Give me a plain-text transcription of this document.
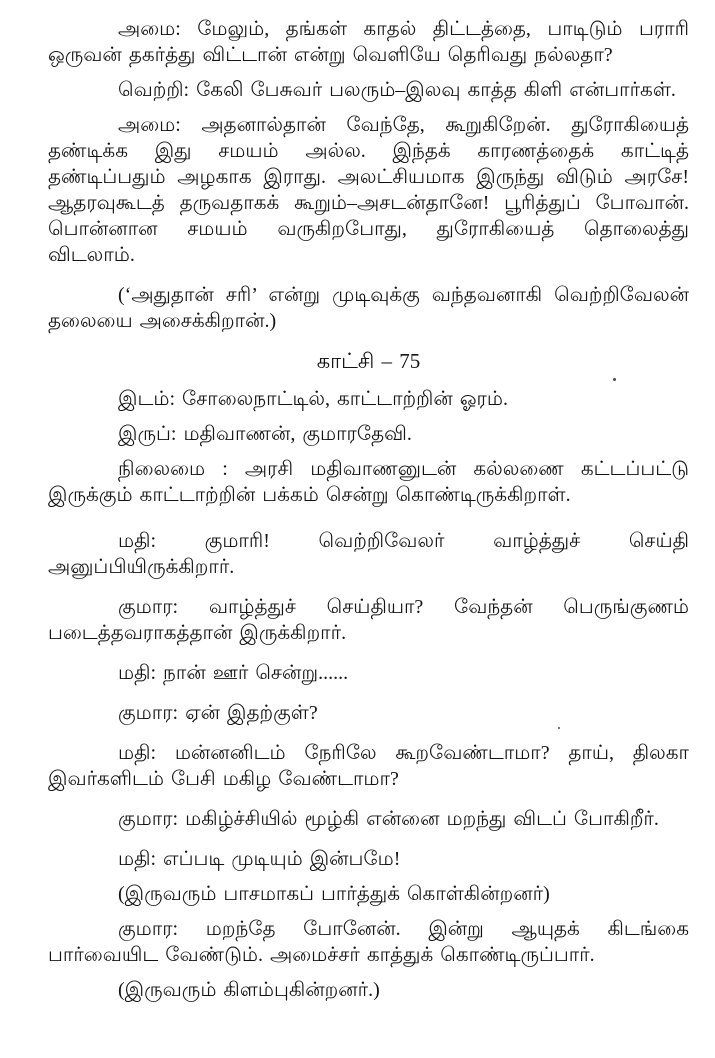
அமை: மேலும், தங்கள் காதல் திட்டத்தை, பாடிடும் பராரி ஒருவன் தகர்த்து விட்டான் என்று வெளியே தெரிவது நல்லதா?

வெற்றி: கேலி பேசுவர் பலரும்–இலவு காத்த கிளி என்பார்கள்.

அமை: அதனால்தான் வேந்தே, கூறுகிறேன். துரோகியைத் தண்டிக்க இது சமயம் அல்ல. இந்தக் காரணத்தைக் காட்டித் தண்டிப்பதும் அழகாக இராது. அலட்சியமாக இருந்து விடும் அரசே! ஆதரவுகூடத் தருவதாகக் கூறும்–அசடன்தானே! பூரித்துப் போவான். பொன்னான சமயம் வருகிறபோது, துரோகியைத் தொலைத்து விடலாம்.

(‘அதுதான் சரி’ என்று முடிவுக்கு வந்தவனாகி வெற்றிவேலன் தலையை அசைக்கிறான்.)

காட்சி – 75

இடம்: சோலைநாட்டில், காட்டாற்றின் ஓரம்.

இருப்: மதிவாணன், குமாரதேவி.

நிலைமை : அரசி மதிவாணனுடன் கல்லணை கட்டப்பட்டு இருக்கும் காட்டாற்றின் பக்கம் சென்று கொண்டிருக்கிறாள்.

மதி: குமாரி! வெற்றிவேலர் வாழ்த்துச் செய்தி அனுப்பியிருக்கிறார்.

குமார: வாழ்த்துச் செய்தியா? வேந்தன் பெருங்குணம் படைத்தவராகத்தான் இருக்கிறார்.

மதி: நான் ஊர் சென்று......

குமார: ஏன் இதற்குள்?

மதி: மன்னனிடம் நேரிலே கூறவேண்டாமா? தாய், திலகா இவர்களிடம் பேசி மகிழ வேண்டாமா?

குமார: மகிழ்ச்சியில் மூழ்கி என்னை மறந்து விடப் போகிறீர்.

மதி: எப்படி முடியும் இன்பமே!

(இருவரும் பாசமாகப் பார்த்துக் கொள்கின்றனர்)

குமார: மறந்தே போனேன். இன்று ஆயுதக் கிடங்கை பார்வையிட வேண்டும். அமைச்சர் காத்துக் கொண்டிருப்பார்.

(இருவரும் கிளம்புகின்றனர்.)
